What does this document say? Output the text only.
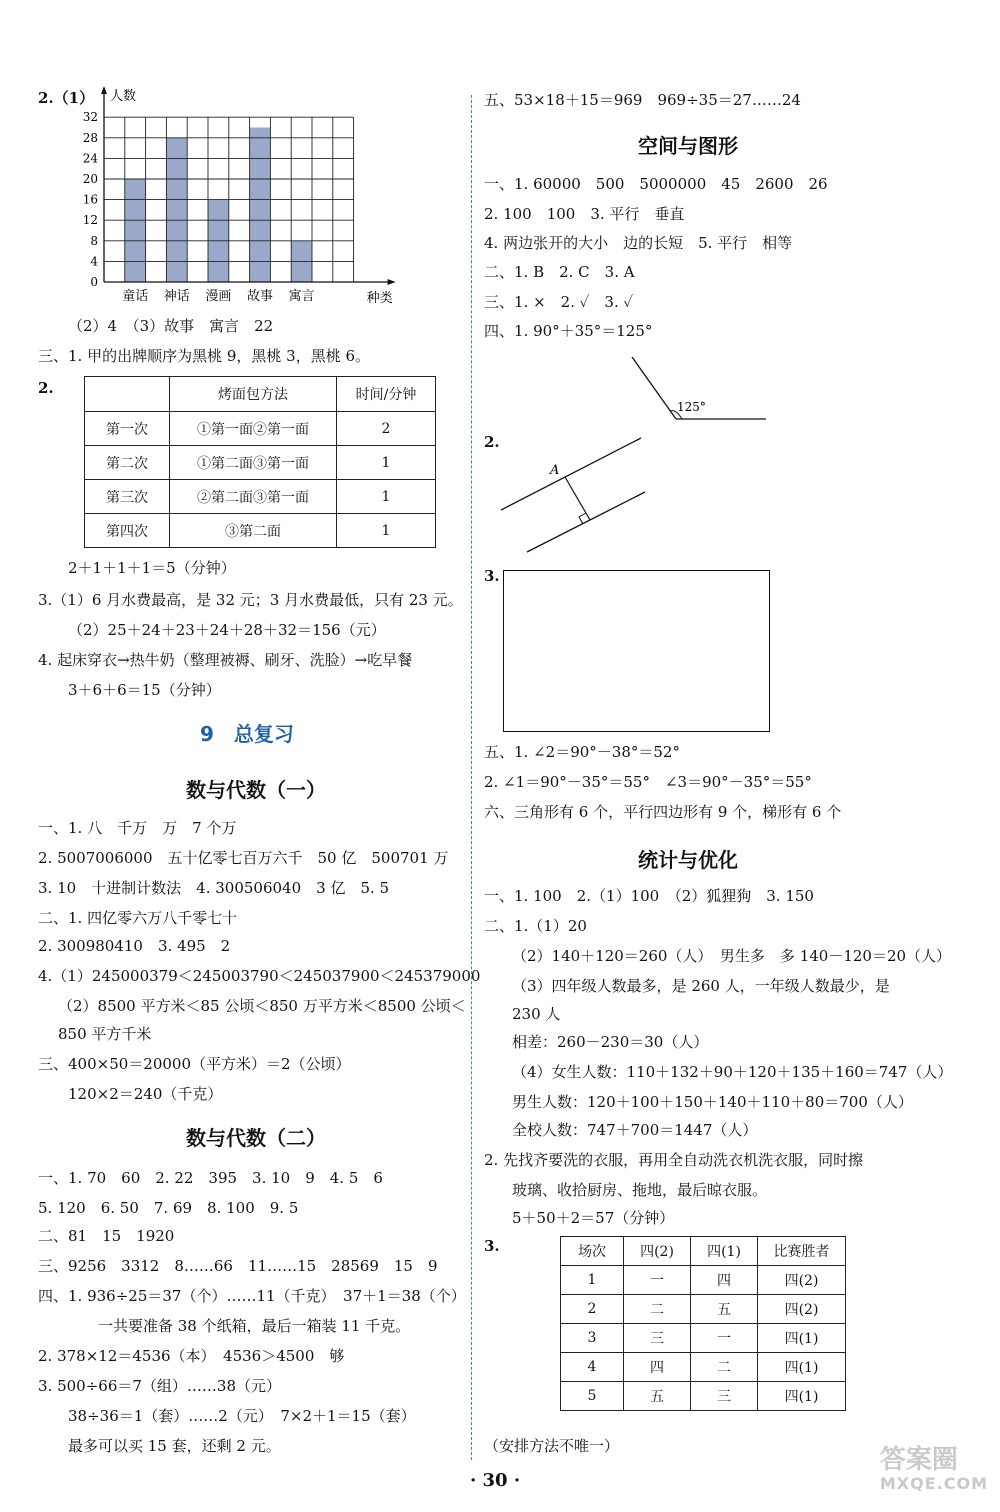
2.（1）
0
4
8
12
16
20
24
28
32
人数
童话 神话 漫画 故事 寓言	种类
（2）4　（3）故事　寓言　22
三、1. 甲的出牌顺序为黑桃 9，黑桃 3，黑桃 6。
2.
		烤面包方法	时间/分钟
第一次	①第一面②第一面	2
第二次	①第二面③第一面	1
第三次	②第二面③第一面	1
第四次	③第二面	1
2＋1＋1＋1＝5（分钟）
3.（1）6 月水费最高，是 32 元；3 月水费最低，只有 23 元。
（2）25＋24＋23＋24＋28＋32＝156（元）
4. 起床穿衣→热牛奶（整理被褥、刷牙、洗脸）→吃早餐
3＋6＋6＝15（分钟）
9　总复习
数与代数（一）
一、1. 八　千万　万　7 个万
2. 5007006000　五十亿零七百万六千　50 亿　500701 万
3. 10　十进制计数法　4. 300506040　3 亿　5. 5
二、1. 四亿零六万八千零七十
2. 300980410　3. 495　2
4.（1）245000379＜245003790＜245037900＜245379000
（2）8500 平方米＜85 公顷＜850 万平方米＜8500 公顷＜
850 平方千米
三、400×50＝20000（平方米）＝2（公顷）
120×2＝240（千克）
数与代数（二）
一、1. 70　60　2. 22　395　3. 10　9　4. 5　6
5. 120　6. 50　7. 69　8. 100　9. 5
二、81　15　1920
三、9256　3312　8……66　11……15　28569　15　9
四、1. 936÷25＝37（个）……11（千克）　37＋1＝38（个）
一共要准备 38 个纸箱，最后一箱装 11 千克。
2. 378×12＝4536（本）　4536＞4500　够
3. 500÷66＝7（组）……38（元）
38÷36＝1（套）……2（元）　7×2＋1＝15（套）
最多可以买 15 套，还剩 2 元。
五、53×18＋15＝969　969÷35＝27……24
空间与图形
一、1. 60000　500　5000000　45　2600　26
2. 100　100　3. 平行　垂直
4. 两边张开的大小　边的长短　5. 平行　相等
二、1. B　2. C　3. A
三、1. ×　2. ✓　3. ✓
四、1. 90°＋35°＝125°
125°
2.
A
3.
五、1. ∠2＝90°－38°＝52°
2. ∠1＝90°－35°＝55°　∠3＝90°－35°＝55°
六、三角形有 6 个，平行四边形有 9 个，梯形有 6 个
统计与优化
一、1. 100　2.（1）100　（2）狐狸狗　3. 150
二、1.（1）20
（2）140＋120＝260（人）　男生多　多 140－120＝20（人）
（3）四年级人数最多，是 260 人，一年级人数最少，是
230 人
相差：260－230＝30（人）
（4）女生人数：110＋132＋90＋120＋135＋160＝747（人）
男生人数：120＋100＋150＋140＋110＋80＝700（人）
全校人数：747＋700＝1447（人）
2. 先找齐要洗的衣服，再用全自动洗衣机洗衣服，同时擦
玻璃、收拾厨房、拖地，最后晾衣服。
5＋50＋2＝57（分钟）
3.	场次	四(2)	四(1)	比赛胜者
1	一	四	四(2)
2	二	五	四(2)
3	三	一	四(1)
4	四	二	四(1)
5	五	三	四(1)
（安排方法不唯一）
· 30 ·
答案圈
MXQE.COM
